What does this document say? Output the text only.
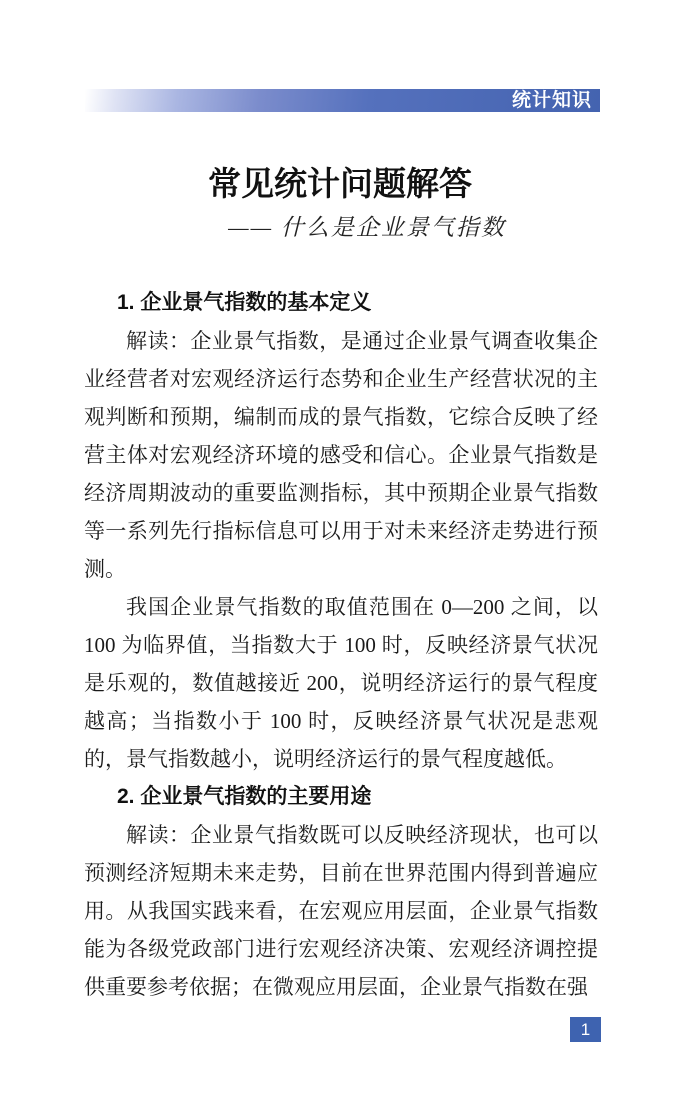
统计知识
常见统计问题解答
—— 什么是企业景气指数
1. 企业景气指数的基本定义

解读：企业景气指数，是通过企业景气调查收集企业经营者对宏观经济运行态势和企业生产经营状况的主观判断和预期，编制而成的景气指数，它综合反映了经营主体对宏观经济环境的感受和信心。企业景气指数是经济周期波动的重要监测指标，其中预期企业景气指数等一系列先行指标信息可以用于对未来经济走势进行预测。

我国企业景气指数的取值范围在 0—200 之间，以 100 为临界值，当指数大于 100 时，反映经济景气状况是乐观的，数值越接近 200，说明经济运行的景气程度越高；当指数小于 100 时，反映经济景气状况是悲观的，景气指数越小，说明经济运行的景气程度越低。

2. 企业景气指数的主要用途

解读：企业景气指数既可以反映经济现状，也可以预测经济短期未来走势，目前在世界范围内得到普遍应用。从我国实践来看，在宏观应用层面，企业景气指数能为各级党政部门进行宏观经济决策、宏观经济调控提供重要参考依据；在微观应用层面，企业景气指数在强

1
